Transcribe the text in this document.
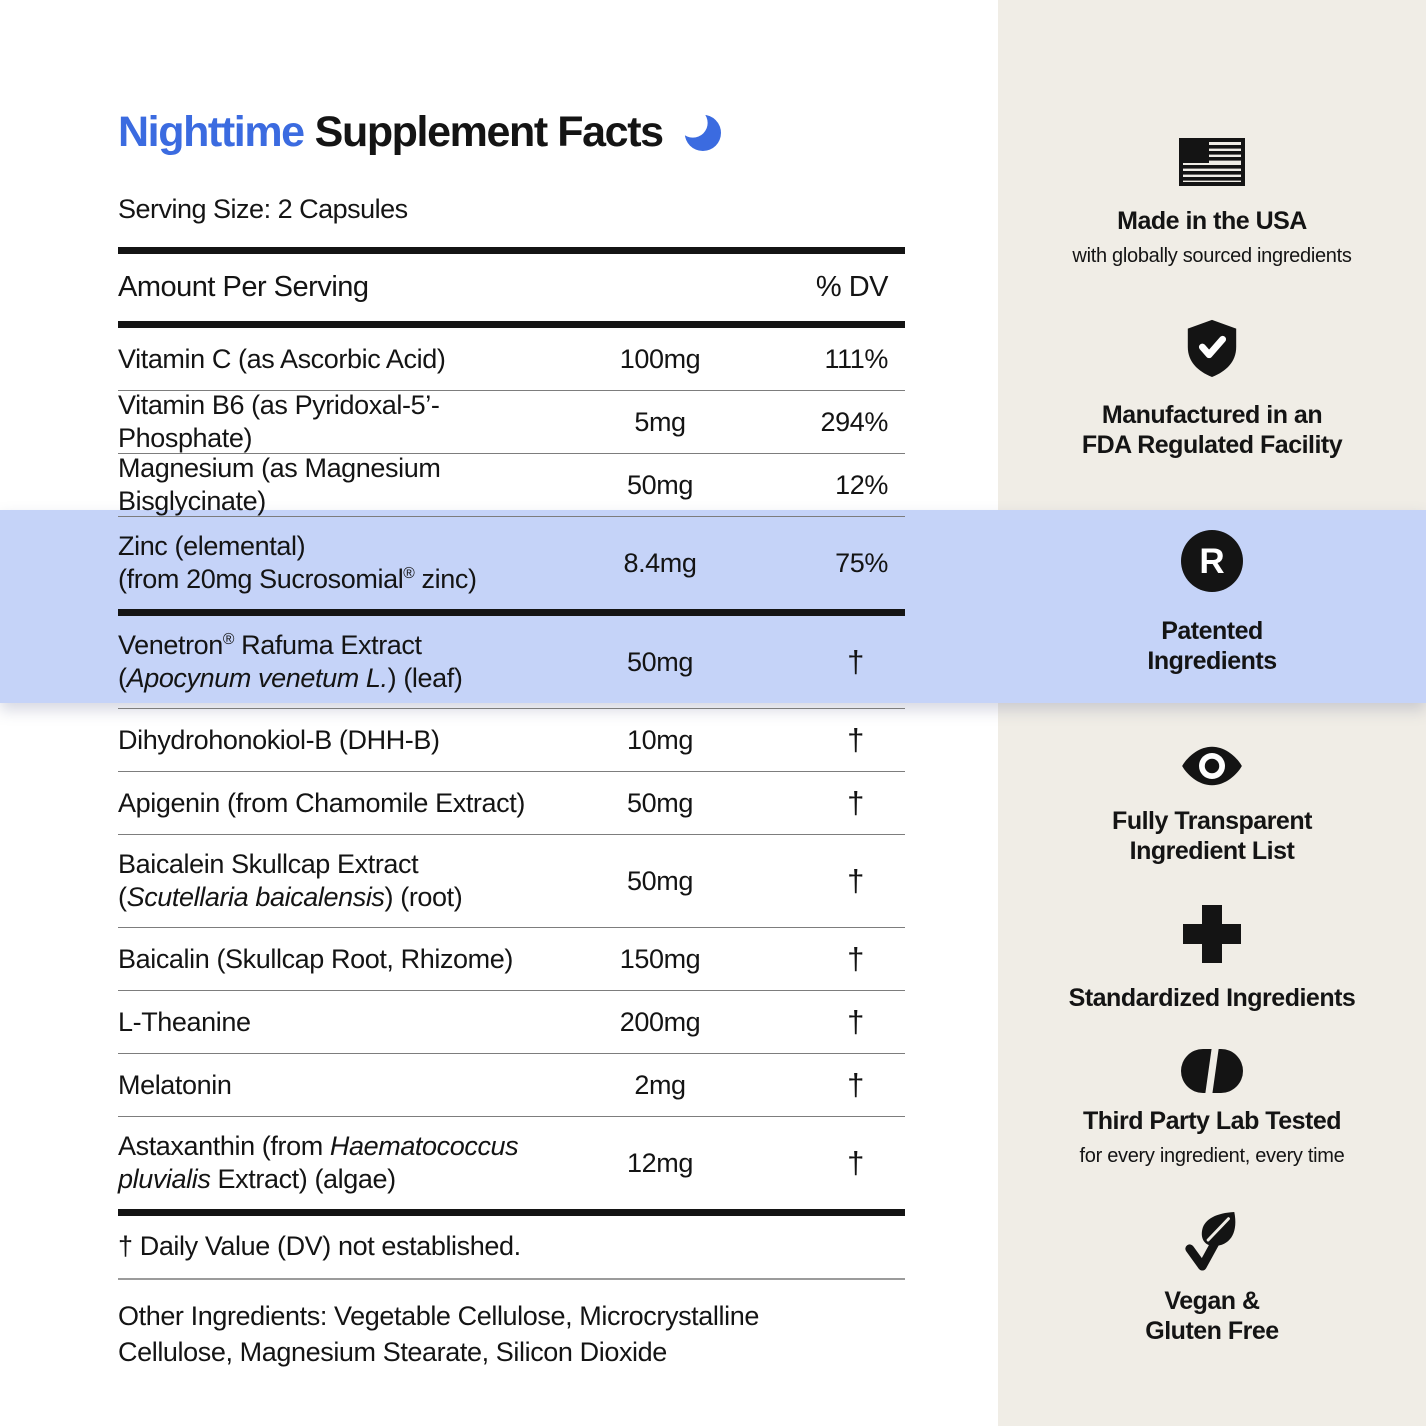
Nighttime Supplement Facts
Serving Size: 2 Capsules
Amount Per Serving	% DV
Vitamin C (as Ascorbic Acid)	100mg	111%
Vitamin B6 (as Pyridoxal-5’-Phosphate)
5mg	294%
Magnesium (as Magnesium Bisglycinate)
50mg	12%
Zinc (elemental)
(from 20mg Sucrosomial® zinc)
8.4mg	75%
Venetron® Rafuma Extract
(Apocynum venetum L.) (leaf)
50mg	†
Dihydrohonokiol-B (DHH-B)	10mg	†
Apigenin (from Chamomile Extract)	50mg	†
Baicalein Skullcap Extract
(Scutellaria baicalensis) (root)
50mg	†
Baicalin (Skullcap Root, Rhizome)	150mg	†
L-Theanine	200mg	†
Melatonin	2mg	†
Astaxanthin (from Haematococcus
pluvialis Extract) (algae)
12mg	†
† Daily Value (DV) not established.
Other Ingredients: Vegetable Cellulose, Microcrystalline Cellulose, Magnesium Stearate, Silicon Dioxide
Made in the USA
with globally sourced ingredients
Manufactured in an
FDA Regulated Facility
R
Patented
Ingredients
Fully Transparent
Ingredient List
Standardized Ingredients
Third Party Lab Tested
for every ingredient, every time
Vegan &
Gluten Free
